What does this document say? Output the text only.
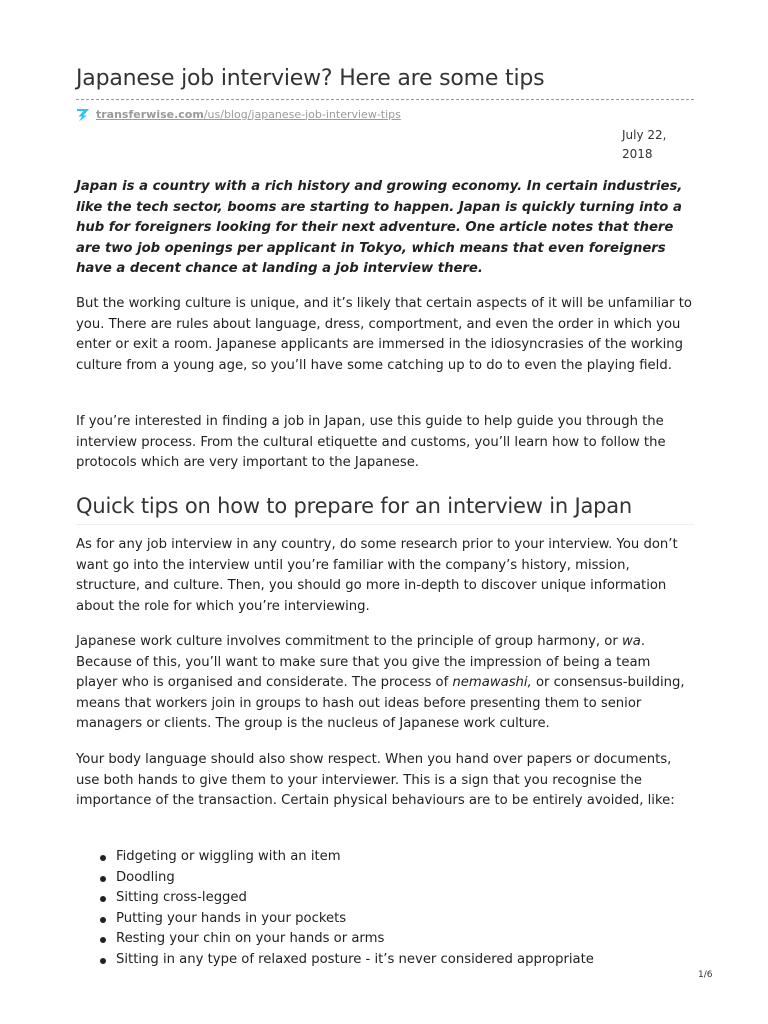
Japanese job interview? Here are some tips
transferwise.com /us/blog/japanese-job-interview-tips
July 22, 2018

Japan is a country with a rich history and growing economy. In certain industries, like the tech sector, booms are starting to happen. Japan is quickly turning into a hub for foreigners looking for their next adventure. One article notes that there are two job openings per applicant in Tokyo, which means that even foreigners have a decent chance at landing a job interview there.

But the working culture is unique, and it’s likely that certain aspects of it will be unfamiliar to you. There are rules about language, dress, comportment, and even the order in which you enter or exit a room. Japanese applicants are immersed in the idiosyncrasies of the working culture from a young age, so you’ll have some catching up to do to even the playing field.

If you’re interested in finding a job in Japan, use this guide to help guide you through the interview process. From the cultural etiquette and customs, you’ll learn how to follow the protocols which are very important to the Japanese.

Quick tips on how to prepare for an interview in Japan

As for any job interview in any country, do some research prior to your interview. You don’t want go into the interview until you’re familiar with the company’s history, mission, structure, and culture. Then, you should go more in-depth to discover unique information about the role for which you’re interviewing.

Japanese work culture involves commitment to the principle of group harmony, or wa. Because of this, you’ll want to make sure that you give the impression of being a team player who is organised and considerate. The process of nemawashi, or consensus-building, means that workers join in groups to hash out ideas before presenting them to senior managers or clients. The group is the nucleus of Japanese work culture.

Your body language should also show respect. When you hand over papers or documents, use both hands to give them to your interviewer. This is a sign that you recognise the importance of the transaction. Certain physical behaviours are to be entirely avoided, like:

Fidgeting or wiggling with an item
Doodling
Sitting cross-legged
Putting your hands in your pockets
Resting your chin on your hands or arms
Sitting in any type of relaxed posture - it’s never considered appropriate
1/6
